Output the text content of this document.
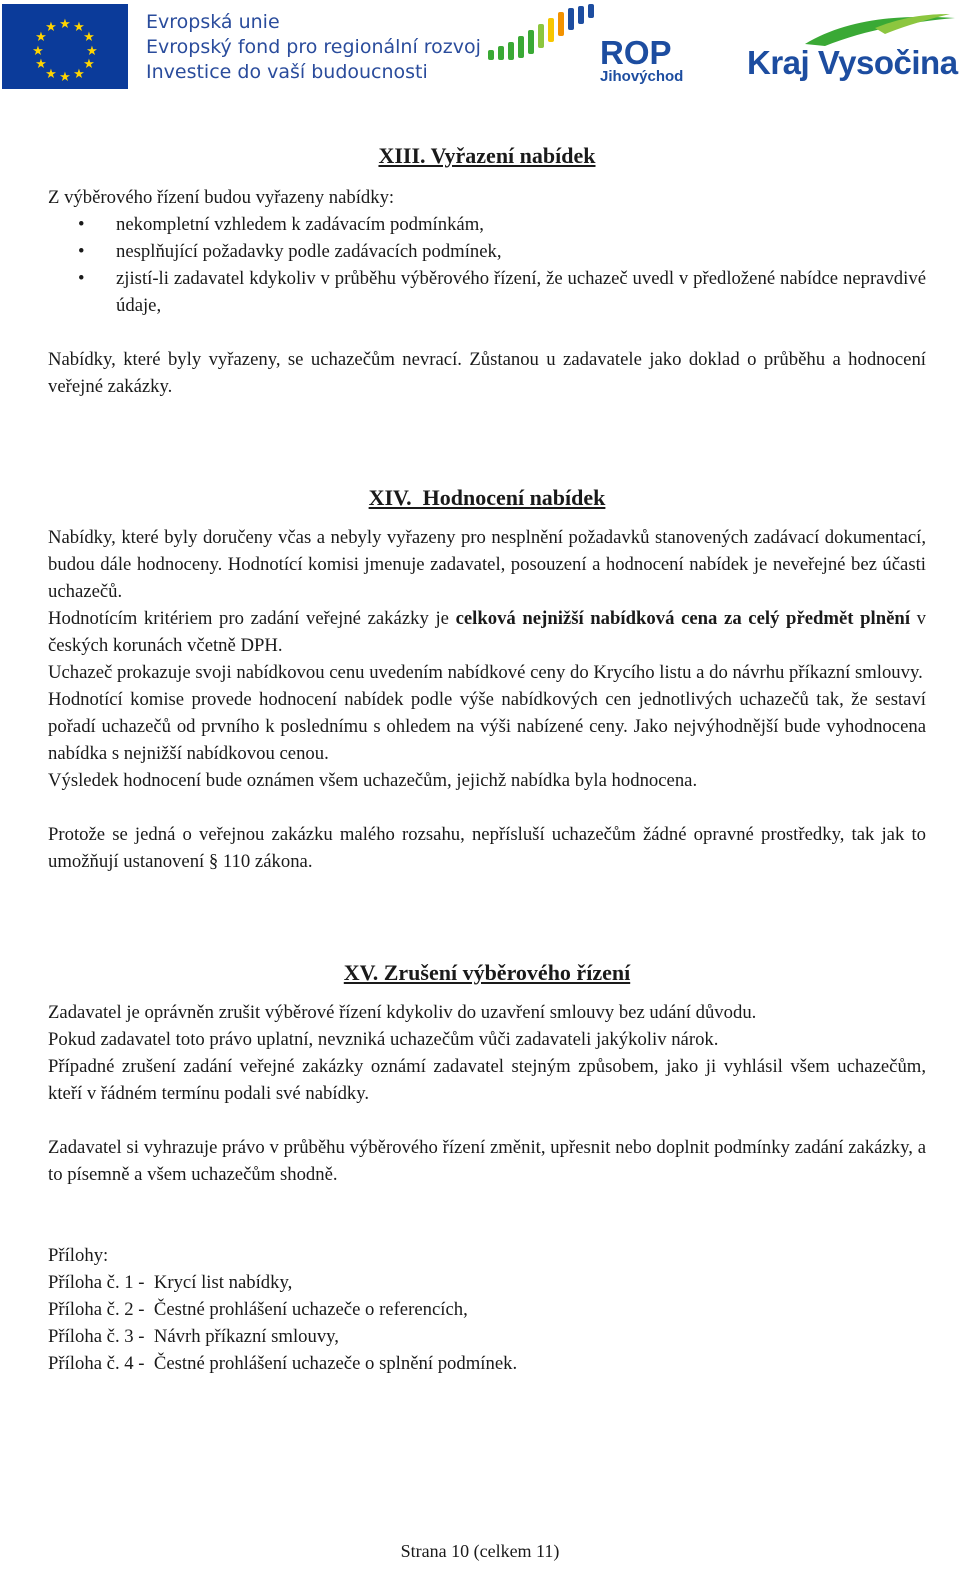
★ ★
★
★
★
★
★
★
★
★
★
★	Evropská unie
Evropský fond pro regionální rozvoj
Investice do vaší budoucnosti
ROP
Jihovýchod Kraj Vysočina
XIII. Vyřazení nabídek

Z výběrového řízení budou vyřazeny nabídky:

• nekompletní vzhledem k zadávacím podmínkám,
• nesplňující požadavky podle zadávacích podmínek,
• zjistí-li zadavatel kdykoliv v průběhu výběrového řízení, že uchazeč uvedl v předložené nabídce nepravdivé údaje,

Nabídky, které byly vyřazeny, se uchazečům nevrací. Zůstanou u zadavatele jako doklad o průběhu a hodnocení veřejné zakázky.

XIV.  Hodnocení nabídek

Nabídky, které byly doručeny včas a nebyly vyřazeny pro nesplnění požadavků stanovených zadávací dokumentací, budou dále hodnoceny. Hodnotící komisi jmenuje zadavatel, posouzení a hodnocení nabídek je neveřejné bez účasti uchazečů.

Hodnotícím kritériem pro zadání veřejné zakázky je celková nejnižší nabídková cena za celý předmět plnění v českých korunách včetně DPH.

Uchazeč prokazuje svoji nabídkovou cenu uvedením nabídkové ceny do Krycího listu a do návrhu příkazní smlouvy.

Hodnotící komise provede hodnocení nabídek podle výše nabídkových cen jednotlivých uchazečů tak, že sestaví pořadí uchazečů od prvního k poslednímu s ohledem na výši nabízené ceny. Jako nejvýhodnější bude vyhodnocena nabídka s nejnižší nabídkovou cenou.

Výsledek hodnocení bude oznámen všem uchazečům, jejichž nabídka byla hodnocena.

Protože se jedná o veřejnou zakázku malého rozsahu, nepřísluší uchazečům žádné opravné prostředky, tak jak to umožňují ustanovení § 110 zákona.

XV. Zrušení výběrového řízení

Zadavatel je oprávněn zrušit výběrové řízení kdykoliv do uzavření smlouvy bez udání důvodu.

Pokud zadavatel toto právo uplatní, nevzniká uchazečům vůči zadavateli jakýkoliv nárok.

Případné zrušení zadání veřejné zakázky oznámí zadavatel stejným způsobem, jako ji vyhlásil všem uchazečům, kteří v řádném termínu podali své nabídky.

Zadavatel si vyhrazuje právo v průběhu výběrového řízení změnit, upřesnit nebo doplnit podmínky zadání zakázky, a to písemně a všem uchazečům shodně.

Přílohy:

Příloha č. 1 -  Krycí list nabídky,

Příloha č. 2 -  Čestné prohlášení uchazeče o referencích,

Příloha č. 3 -  Návrh příkazní smlouvy,

Příloha č. 4 -  Čestné prohlášení uchazeče o splnění podmínek.

Strana 10 (celkem 11)
